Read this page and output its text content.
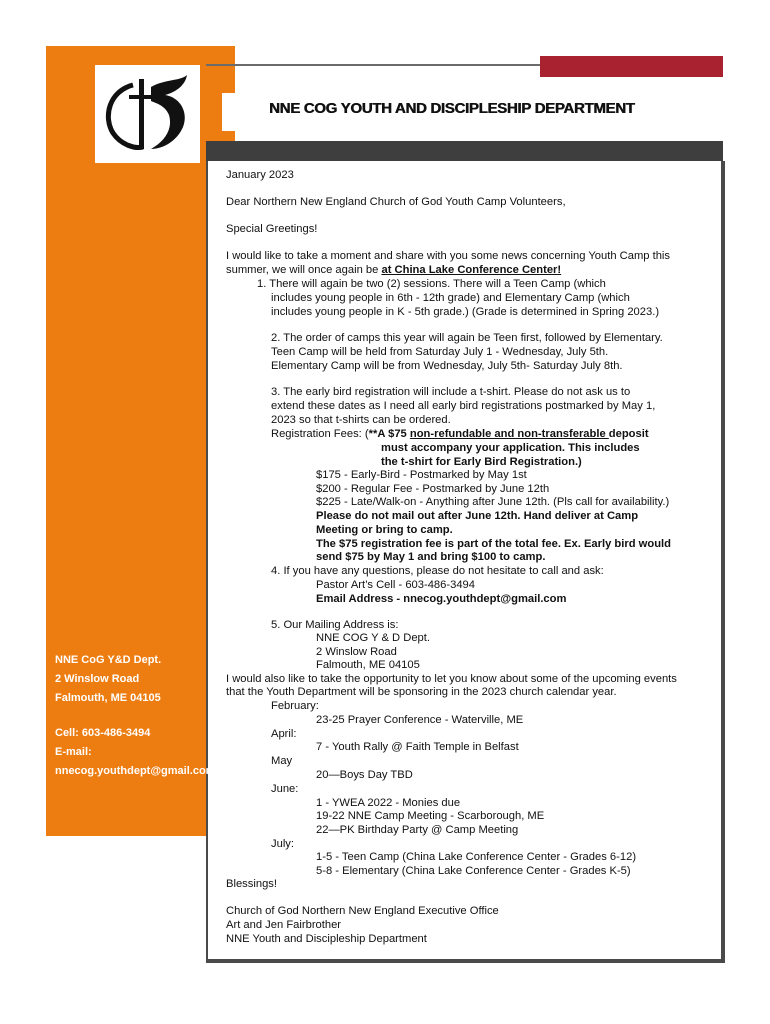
NNE COG YOUTH AND DISCIPLESHIP DEPARTMENT
NNE CoG Y&D Dept.
2 Winslow Road
Falmouth, ME 04105
Cell: 603-486-3494
E-mail:
nnecog.youthdept@gmail.com
January 2023
Dear Northern New England Church of God Youth Camp Volunteers,
Special Greetings!
I would like to take a moment and share with you some news concerning Youth Camp this
summer, we will once again be at China Lake Conference Center!
1. There will again be two (2) sessions. There will a Teen Camp (which
includes young people in 6th - 12th grade) and Elementary Camp (which
includes young people in K - 5th grade.) (Grade is determined in Spring 2023.)
2. The order of camps this year will again be Teen first, followed by Elementary.
Teen Camp will be held from Saturday July 1 - Wednesday, July 5th.
Elementary Camp will be from Wednesday, July 5th- Saturday July 8th.
3. The early bird registration will include a t-shirt. Please do not ask us to
extend these dates as I need all early bird registrations postmarked by May 1,
2023 so that t-shirts can be ordered.
Registration Fees: (**A $75 non-refundable and non-transferable deposit
must accompany your application. This includes
the t-shirt for Early Bird Registration.)
$175 - Early-Bird - Postmarked by May 1st
$200 - Regular Fee - Postmarked by June 12th
$225 - Late/Walk-on - Anything after June 12th. (Pls call for availability.)
Please do not mail out after June 12th. Hand deliver at Camp
Meeting or bring to camp.
The $75 registration fee is part of the total fee. Ex. Early bird would
send $75 by May 1 and bring $100 to camp.
4. If you have any questions, please do not hesitate to call and ask:
Pastor Art’s Cell - 603-486-3494
Email Address - nnecog.youthdept@gmail.com
5. Our Mailing Address is:
NNE COG Y & D Dept.
2 Winslow Road
Falmouth, ME 04105
I would also like to take the opportunity to let you know about some of the upcoming events
that the Youth Department will be sponsoring in the 2023 church calendar year.
February:
23-25 Prayer Conference - Waterville, ME
April:
7 - Youth Rally @ Faith Temple in Belfast
May
20—Boys Day TBD
June:
1 - YWEA 2022 - Monies due
19-22 NNE Camp Meeting - Scarborough, ME
22—PK Birthday Party @ Camp Meeting
July:
1-5 - Teen Camp (China Lake Conference Center - Grades 6-12)
5-8 - Elementary (China Lake Conference Center - Grades K-5)
Blessings!
Church of God Northern New England Executive Office
Art and Jen Fairbrother
NNE Youth and Discipleship Department
